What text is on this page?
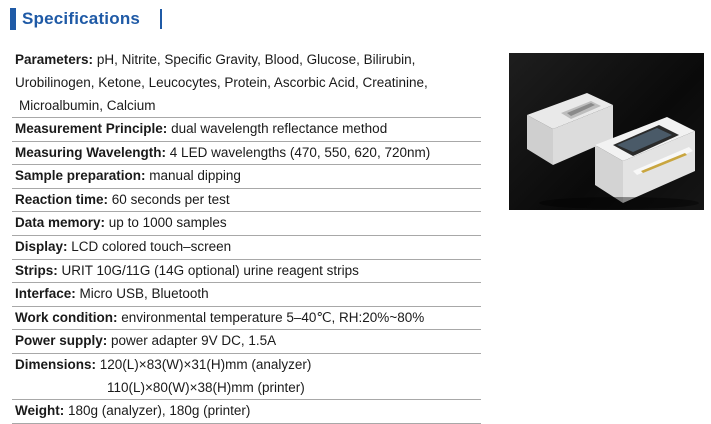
Specifications
Parameters: pH, Nitrite, Specific Gravity, Blood, Glucose, Bilirubin,
Urobilinogen, Ketone, Leucocytes, Protein, Ascorbic Acid, Creatinine,
Microalbumin, Calcium
Measurement Principle: dual wavelength reflectance method
Measuring Wavelength: 4 LED wavelengths (470, 550, 620, 720nm)
Sample preparation: manual dipping
Reaction time: 60 seconds per test
Data memory: up to 1000 samples
Display: LCD colored touch–screen
Strips: URIT 10G/11G (14G optional) urine reagent strips
Interface: Micro USB, Bluetooth
Work condition: environmental temperature 5–40℃, RH:20%~80%
Power supply: power adapter 9V DC, 1.5A
Dimensions: 120(L)×83(W)×31(H)mm (analyzer)
110(L)×80(W)×38(H)mm (printer)
Weight: 180g (analyzer), 180g (printer)
